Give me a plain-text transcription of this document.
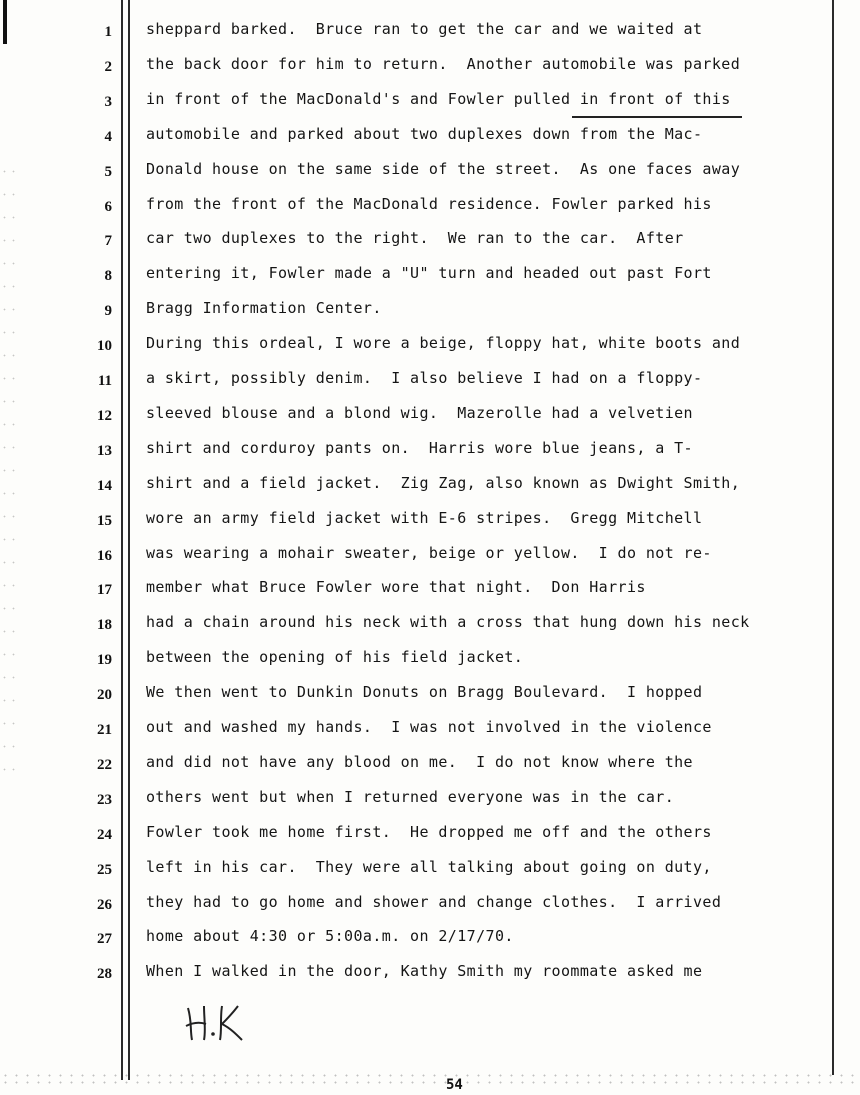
1
2
3
4
5
6
7
8
9
10
11
12
13
14
15
16
17
18
19
20
21
22
23
24
25
26
27
28
sheppard barked.  Bruce ran to get the car and we waited at
the back door for him to return.  Another automobile was parked
in front of the MacDonald's and Fowler pulled in front of this
automobile and parked about two duplexes down from the Mac-
Donald house on the same side of the street.  As one faces away
from the front of the MacDonald residence. Fowler parked his
car two duplexes to the right.  We ran to the car.  After
entering it, Fowler made a "U" turn and headed out past Fort
Bragg Information Center.
During this ordeal, I wore a beige, floppy hat, white boots and
a skirt, possibly denim.  I also believe I had on a floppy-
sleeved blouse and a blond wig.  Mazerolle had a velvetien
shirt and corduroy pants on.  Harris wore blue jeans, a T-
shirt and a field jacket.  Zig Zag, also known as Dwight Smith,
wore an army field jacket with E-6 stripes.  Gregg Mitchell
was wearing a mohair sweater, beige or yellow.  I do not re-
member what Bruce Fowler wore that night.  Don Harris
had a chain around his neck with a cross that hung down his neck
between the opening of his field jacket.
We then went to Dunkin Donuts on Bragg Boulevard.  I hopped
out and washed my hands.  I was not involved in the violence
and did not have any blood on me.  I do not know where the
others went but when I returned everyone was in the car.
Fowler took me home first.  He dropped me off and the others
left in his car.  They were all talking about going on duty,
they had to go home and shower and change clothes.  I arrived
home about 4:30 or 5:00a.m. on 2/17/70.
When I walked in the door, Kathy Smith my roommate asked me
54
